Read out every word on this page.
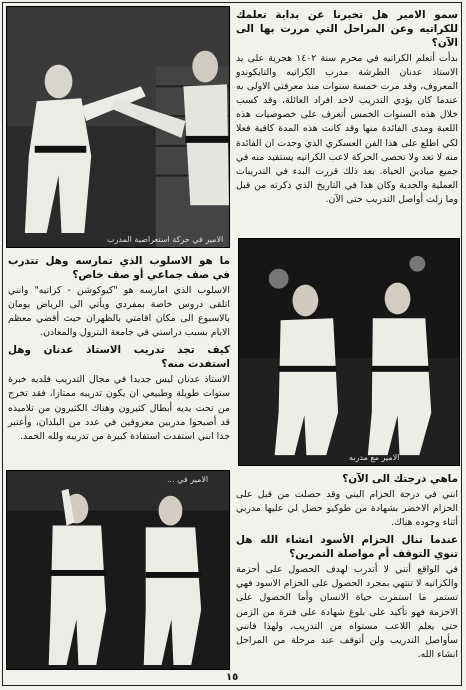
الامير في حركة استعراضية المدرب
سمو الامير هل تخبرنا عن بداية تعلمك للكراتيه وعن المراحل التي مررت بها الى الآن؟
بدأت أتعلم الكراتيه في محرم سنة ١٤٠٢ هجرية على يد الاستاذ عدنان الطرشة مدرب الكراتيه والتايكوندو المعروف، وقد مرت خمسة سنوات منذ معرفتي الاولى به عندما كان يؤدي التدريب لاحد افراد العائلة، وقد كسب خلال هذه السنوات الخمس أتعرف على خصوصيات هذه اللعبة ومدى الفائدة منها وقد كانت هذه المدة كافية فعلا لكي اطلع على هذا الفن العسكري الذي وجدت ان الفائدة منه لا تعد ولا تحصى الحركة لاعب الكراتيه يستفيد منه في جميع ميادين الحياة. بعد ذلك قررت البدء في التدريبات العملية والجدية وكان هذا في التاريخ الذي ذكرته من قبل وما زلت أواصل التدريب حتى الآن.
الامير مع مدربه
ما هو الاسلوب الذي تمارسه وهل تتدرب في صف جماعي أو صف خاص؟
الاسلوب الذي امارسه هو "كيوكوشن - كراتيه" وانني اتلقى دروس خاصة بمفردي ويأتي الى الرياض يومان بالاسبوع الى مكان اقامتي بالظهران حيث أقضي معظم الايام بسبب دراستي في جامعة البترول والمعادن.
كيف تجد تدريب الاستاذ عدنان وهل استفدت منه؟
الاستاذ عدنان ليس جديدا في مجال التدريب فلديه خبرة سنوات طويلة وطبيعي ان يكون تدريبه ممتازا، فقد تخرج من تحت يديه أبطال كثيرون وهناك الكثيرون من تلاميذه قد أصبحوا مدربين معروفين في عدد من البلدان، وأعتبر جدا انني استفدت استفادة كبيرة من تدريبه ولله الحمد.
الامير في ...	ماهي درجتك الى الآن؟
انني في درجة الحزام البني وقد حصلت من قبل على الحزام الاخضر بشهادة من طوكيو حصل لي عليها مدربي أثناء وجوده هناك.
عندما تنال الحزام الأسود انشاء الله هل تنوي التوقف أم مواصلة التمرين؟
في الواقع أنني لا أتدرب لهدف الحصول على أحزمة والكراتيه لا تنتهي بمجرد الحصول على الحزام الاسود فهي تستمر ما استمرت حياة الانسان وأما الحصول على الاحزمة فهو تأكيد على بلوغ شهادة على فترة من الزمن حتى يعلم اللاعب مستواه من التدريب، ولهذا فانني سأواصل التدريب ولن أتوقف عند مرحلة من المراحل انشاء الله.
١٥
